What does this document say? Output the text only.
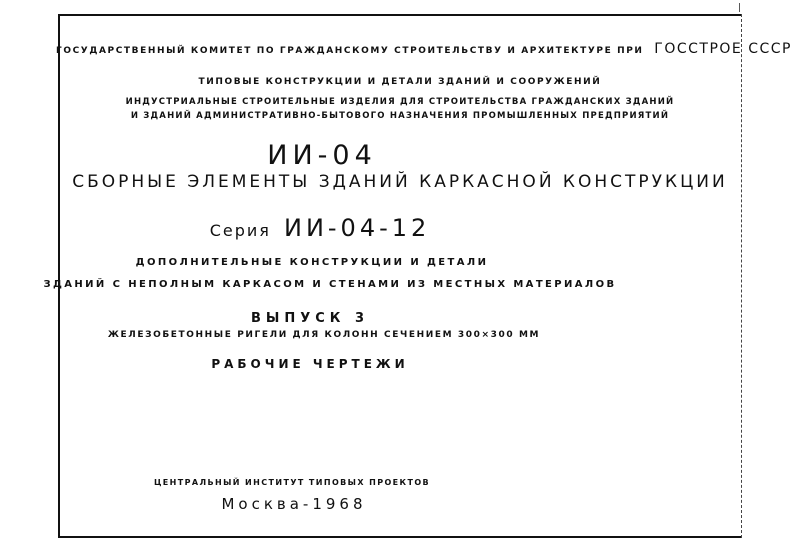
|
ГОСУДАРСТВЕННЫЙ КОМИТЕТ ПО ГРАЖДАНСКОМУ СТРОИТЕЛЬСТВУ И АРХИТЕКТУРЕ ПРИ ГОССТРОЕ СССР
ТИПОВЫЕ КОНСТРУКЦИИ И ДЕТАЛИ ЗДАНИЙ И СООРУЖЕНИЙ
ИНДУСТРИАЛЬНЫЕ СТРОИТЕЛЬНЫЕ ИЗДЕЛИЯ ДЛЯ СТРОИТЕЛЬСТВА ГРАЖДАНСКИХ ЗДАНИЙ
И ЗДАНИЙ АДМИНИСТРАТИВНО-БЫТОВОГО НАЗНАЧЕНИЯ ПРОМЫШЛЕННЫХ ПРЕДПРИЯТИЙ
ИИ-04
СБОРНЫЕ ЭЛЕМЕНТЫ ЗДАНИЙ КАРКАСНОЙ КОНСТРУКЦИИ
Серия ИИ-04-12
ДОПОЛНИТЕЛЬНЫЕ КОНСТРУКЦИИ И ДЕТАЛИ
ЗДАНИЙ С НЕПОЛНЫМ КАРКАСОМ И СТЕНАМИ ИЗ МЕСТНЫХ МАТЕРИАЛОВ
ВЫПУСК 3
ЖЕЛЕЗОБЕТОННЫЕ РИГЕЛИ ДЛЯ КОЛОНН СЕЧЕНИЕМ 300×300 ММ
РАБОЧИЕ ЧЕРТЕЖИ
ЦЕНТРАЛЬНЫЙ ИНСТИТУТ ТИПОВЫХ ПРОЕКТОВ
Москва-1968
